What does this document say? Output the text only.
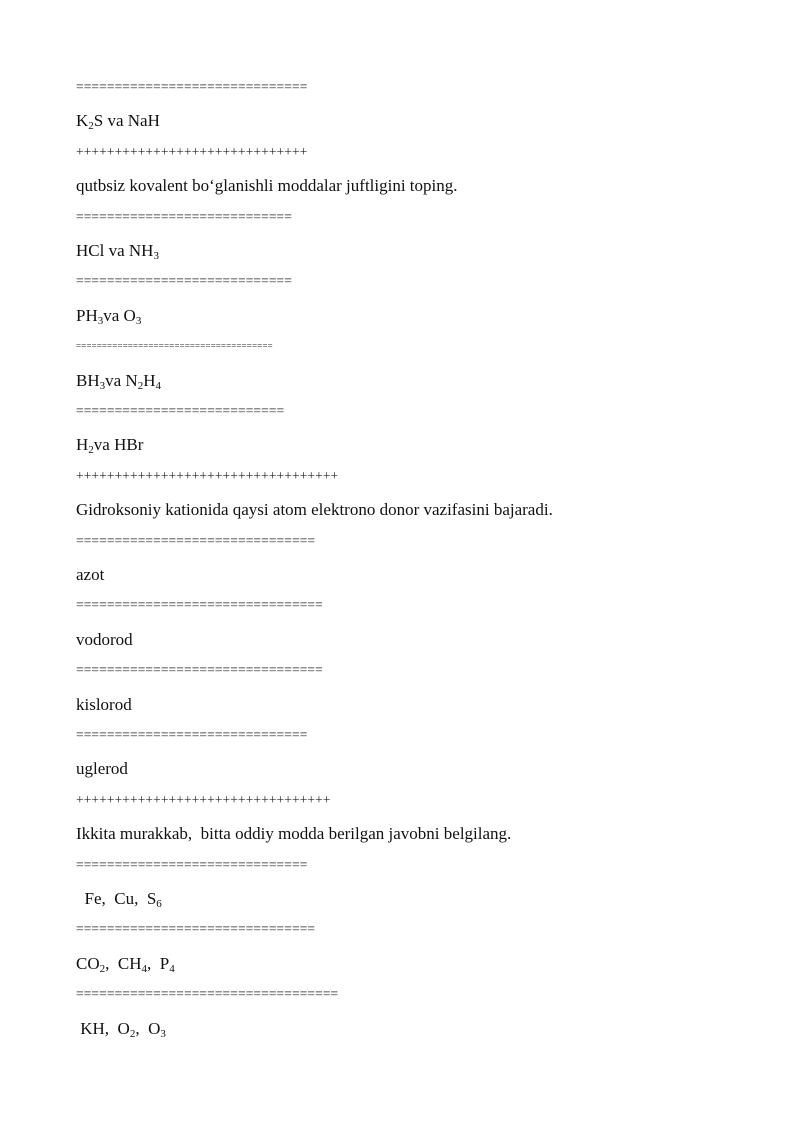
==============================
$K_2S$ va NaH
++++++++++++++++++++++++++++++
qutbsiz kovalent bo‘glanishli moddalar juftligini toping.
============================
HCl va $NH_3$
============================
$PH_3va$ $O_3$
======================================
$BH_3va$ $N_2H_4$
===========================
$H_2va$ HBr
++++++++++++++++++++++++++++++++++
Gidroksoniy kationida qaysi atom elektrono donor vazifasini bajaradi.
===============================
azot
================================
vodorod
================================
kislorod
==============================
uglerod
+++++++++++++++++++++++++++++++++
Ikkita murakkab,  bitta oddiy modda berilgan javobni belgilang.
==============================
Fe,  Cu,  $S_6$
===============================
$CO_2$,  $CH_4$,  $P_4$
==================================
KH,  $O_2$,  $O_3$
